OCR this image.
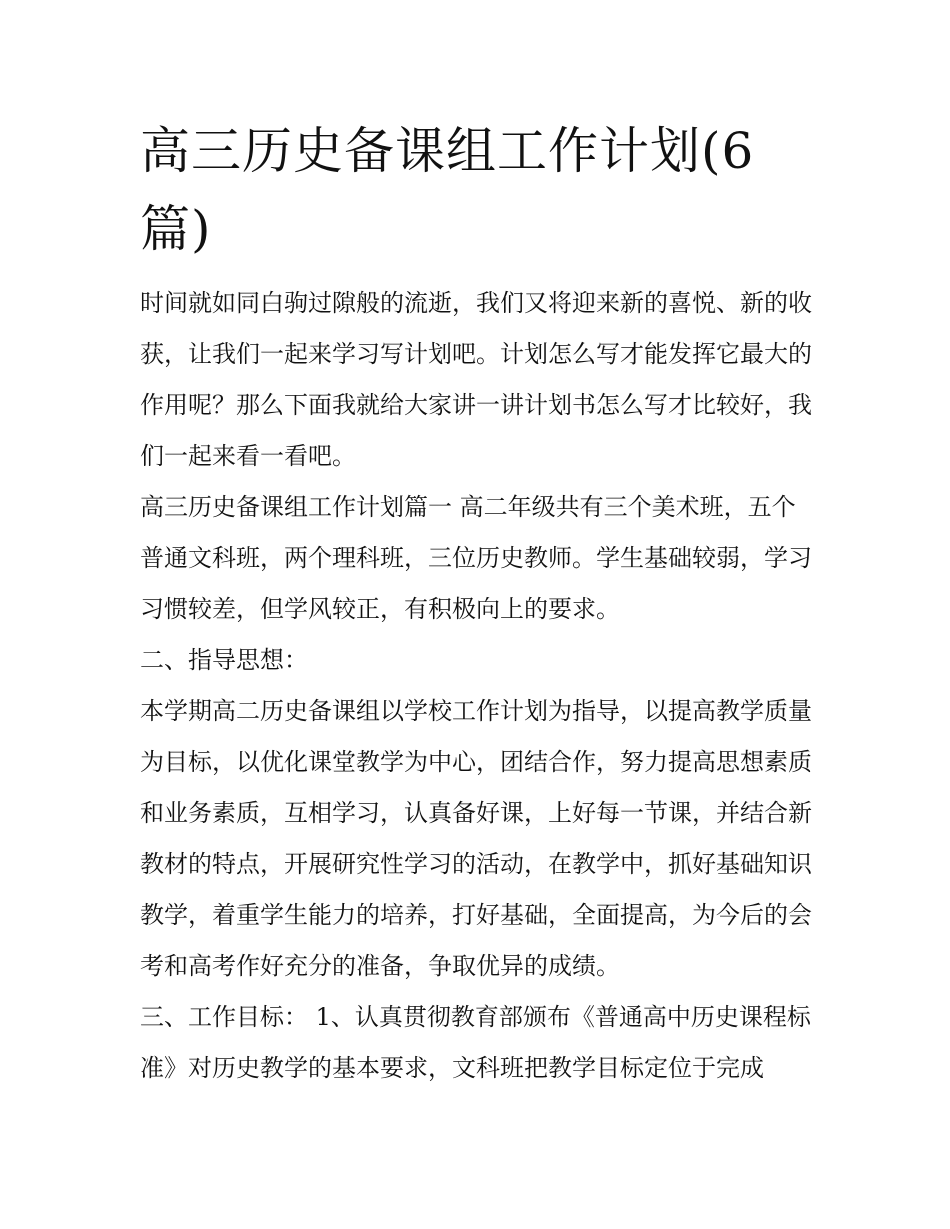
高三历史备课组工作计划(6篇)

时间就如同白驹过隙般的流逝，我们又将迎来新的喜悦、新的收获，让我们一起来学习写计划吧。计划怎么写才能发挥它最大的作用呢？那么下面我就给大家讲一讲计划书怎么写才比较好，我们一起来看一看吧。

高三历史备课组工作计划篇一 高二年级共有三个美术班，五个普通文科班，两个理科班，三位历史教师。学生基础较弱，学习习惯较差，但学风较正，有积极向上的要求。

二、指导思想：

本学期高二历史备课组以学校工作计划为指导，以提高教学质量为目标，以优化课堂教学为中心，团结合作，努力提高思想素质和业务素质，互相学习，认真备好课，上好每一节课，并结合新教材的特点，开展研究性学习的活动，在教学中，抓好基础知识教学，着重学生能力的培养，打好基础，全面提高，为今后的会考和高考作好充分的准备，争取优异的成绩。

三、工作目标： 1、认真贯彻教育部颁布《普通高中历史课程标准》对历史教学的基本要求，文科班把教学目标定位于完成
